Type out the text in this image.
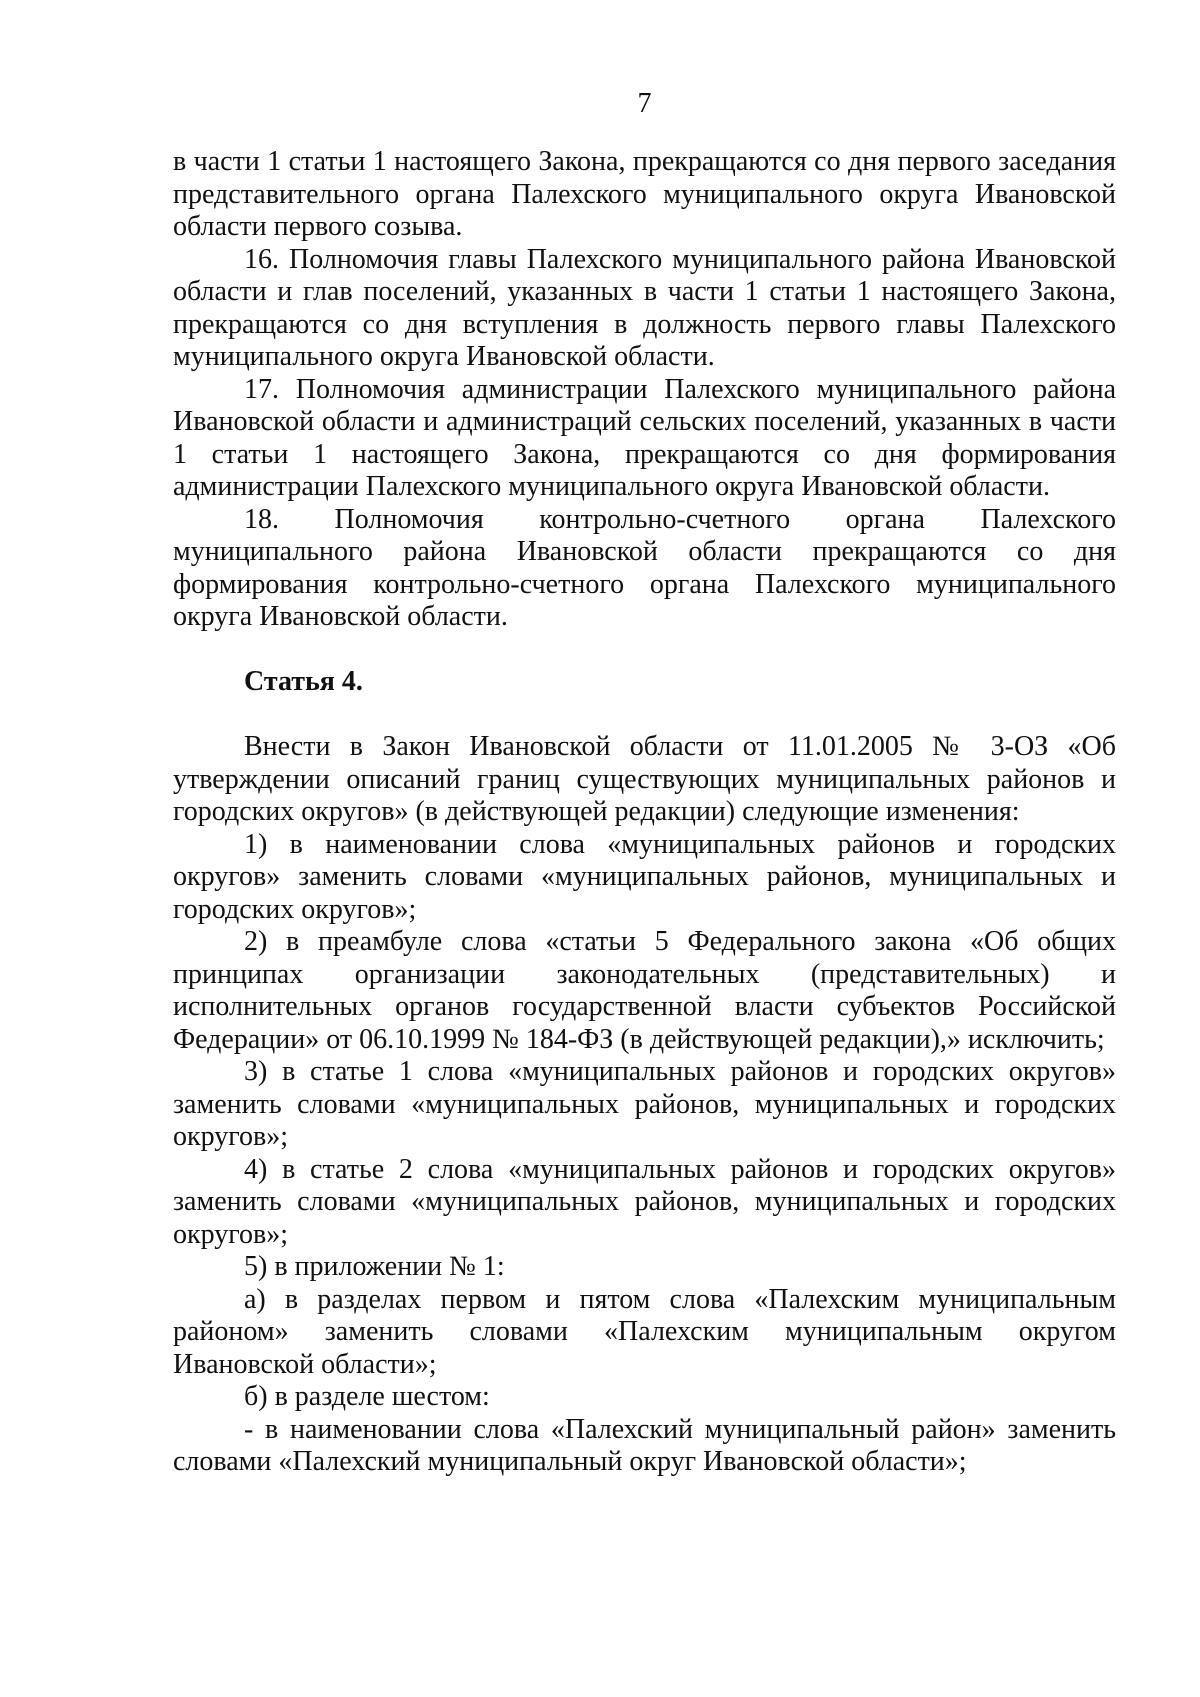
7

в части 1 статьи 1 настоящего Закона, прекращаются со дня первого заседания представительного органа Палехского муниципального округа Ивановской области первого созыва.

16. Полномочия главы Палехского муниципального района Ивановской области и глав поселений, указанных в части 1 статьи 1 настоящего Закона, прекращаются со дня вступления в должность первого главы Палехского муниципального округа Ивановской области.

17. Полномочия администрации Палехского муниципального района Ивановской области и администраций сельских поселений, указанных в части 1 статьи 1 настоящего Закона, прекращаются со дня формирования администрации Палехского муниципального округа Ивановской области.

18. Полномочия контрольно-счетного органа Палехского муниципального района Ивановской области прекращаются со дня формирования контрольно-счетного органа Палехского муниципального округа Ивановской области.

Статья 4.

Внести в Закон Ивановской области от 11.01.2005 № 3-ОЗ «Об утверждении описаний границ существующих муниципальных районов и городских округов» (в действующей редакции) следующие изменения:

1) в наименовании слова «муниципальных районов и городских округов» заменить словами «муниципальных районов, муниципальных и городских округов»;

2) в преамбуле слова «статьи 5 Федерального закона «Об общих принципах организации законодательных (представительных) и исполнительных органов государственной власти субъектов Российской Федерации» от 06.10.1999 № 184-ФЗ (в действующей редакции),» исключить;

3) в статье 1 слова «муниципальных районов и городских округов» заменить словами «муниципальных районов, муниципальных и городских округов»;

4) в статье 2 слова «муниципальных районов и городских округов» заменить словами «муниципальных районов, муниципальных и городских округов»;

5) в приложении № 1:

а) в разделах первом и пятом слова «Палехским муниципальным районом» заменить словами «Палехским муниципальным округом Ивановской области»;

б) в разделе шестом:

- в наименовании слова «Палехский муниципальный район» заменить словами «Палехский муниципальный округ Ивановской области»;
